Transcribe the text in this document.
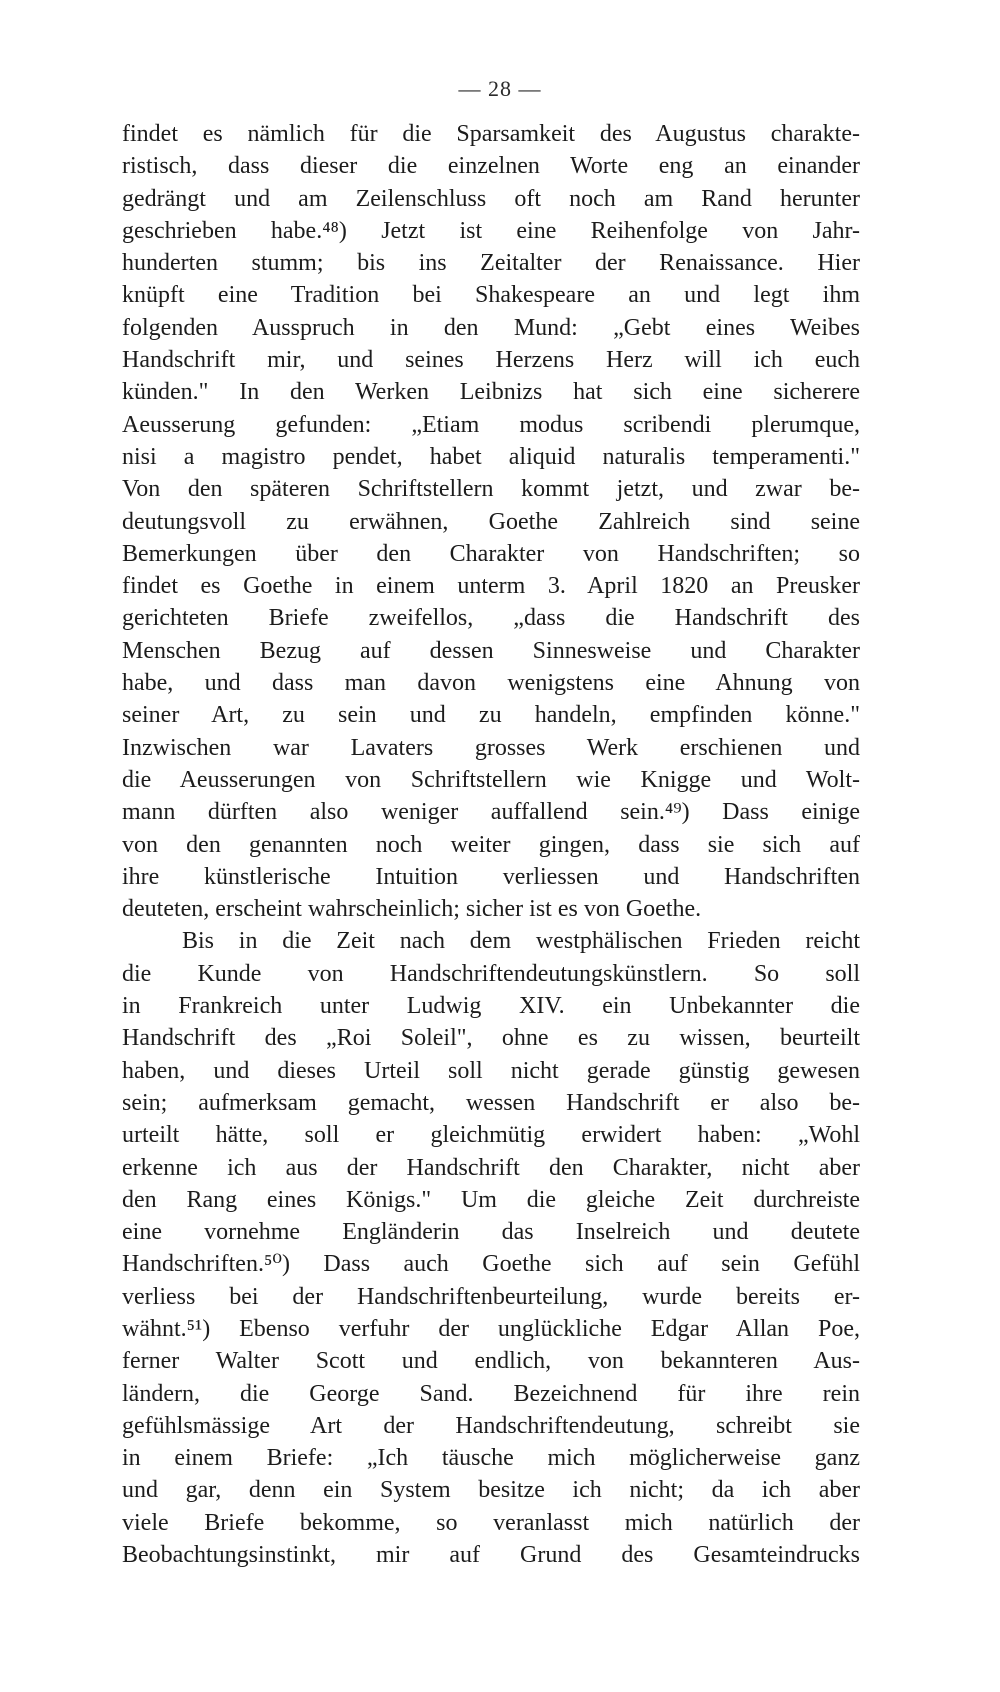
— 28 —
findet es nämlich für die Sparsamkeit des Augustus charakte-
ristisch, dass dieser die einzelnen Worte eng an einander
gedrängt und am Zeilenschluss oft noch am Rand herunter
geschrieben habe.⁴⁸) Jetzt ist eine Reihenfolge von Jahr-
hunderten stumm; bis ins Zeitalter der Renaissance. Hier
knüpft eine Tradition bei Shakespeare an und legt ihm
folgenden Ausspruch in den Mund: „Gebt eines Weibes
Handschrift mir, und seines Herzens Herz will ich euch
künden." In den Werken Leibnizs hat sich eine sicherere
Aeusserung gefunden: „Etiam modus scribendi plerumque,
nisi a magistro pendet, habet aliquid naturalis temperamenti."
Von den späteren Schriftstellern kommt jetzt, und zwar be-
deutungsvoll zu erwähnen, Goethe Zahlreich sind seine
Bemerkungen über den Charakter von Handschriften; so
findet es Goethe in einem unterm 3. April 1820 an Preusker
gerichteten Briefe zweifellos, „dass die Handschrift des
Menschen Bezug auf dessen Sinnesweise und Charakter
habe, und dass man davon wenigstens eine Ahnung von
seiner Art, zu sein und zu handeln, empfinden könne."
Inzwischen war Lavaters grosses Werk erschienen und
die Aeusserungen von Schriftstellern wie Knigge und Wolt-
mann dürften also weniger auffallend sein.⁴⁹) Dass einige
von den genannten noch weiter gingen, dass sie sich auf
ihre künstlerische Intuition verliessen und Handschriften
deuteten, erscheint wahrscheinlich; sicher ist es von Goethe.
Bis in die Zeit nach dem westphälischen Frieden reicht
die Kunde von Handschriftendeutungskünstlern. So soll
in Frankreich unter Ludwig XIV. ein Unbekannter die
Handschrift des „Roi Soleil", ohne es zu wissen, beurteilt
haben, und dieses Urteil soll nicht gerade günstig gewesen
sein; aufmerksam gemacht, wessen Handschrift er also be-
urteilt hätte, soll er gleichmütig erwidert haben: „Wohl
erkenne ich aus der Handschrift den Charakter, nicht aber
den Rang eines Königs." Um die gleiche Zeit durchreiste
eine vornehme Engländerin das Inselreich und deutete
Handschriften.⁵⁰) Dass auch Goethe sich auf sein Gefühl
verliess bei der Handschriftenbeurteilung, wurde bereits er-
wähnt.⁵¹) Ebenso verfuhr der unglückliche Edgar Allan Poe,
ferner Walter Scott und endlich, von bekannteren Aus-
ländern, die George Sand. Bezeichnend für ihre rein
gefühlsmässige Art der Handschriftendeutung, schreibt sie
in einem Briefe: „Ich täusche mich möglicherweise ganz
und gar, denn ein System besitze ich nicht; da ich aber
viele Briefe bekomme, so veranlasst mich natürlich der
Beobachtungsinstinkt, mir auf Grund des Gesamteindrucks
